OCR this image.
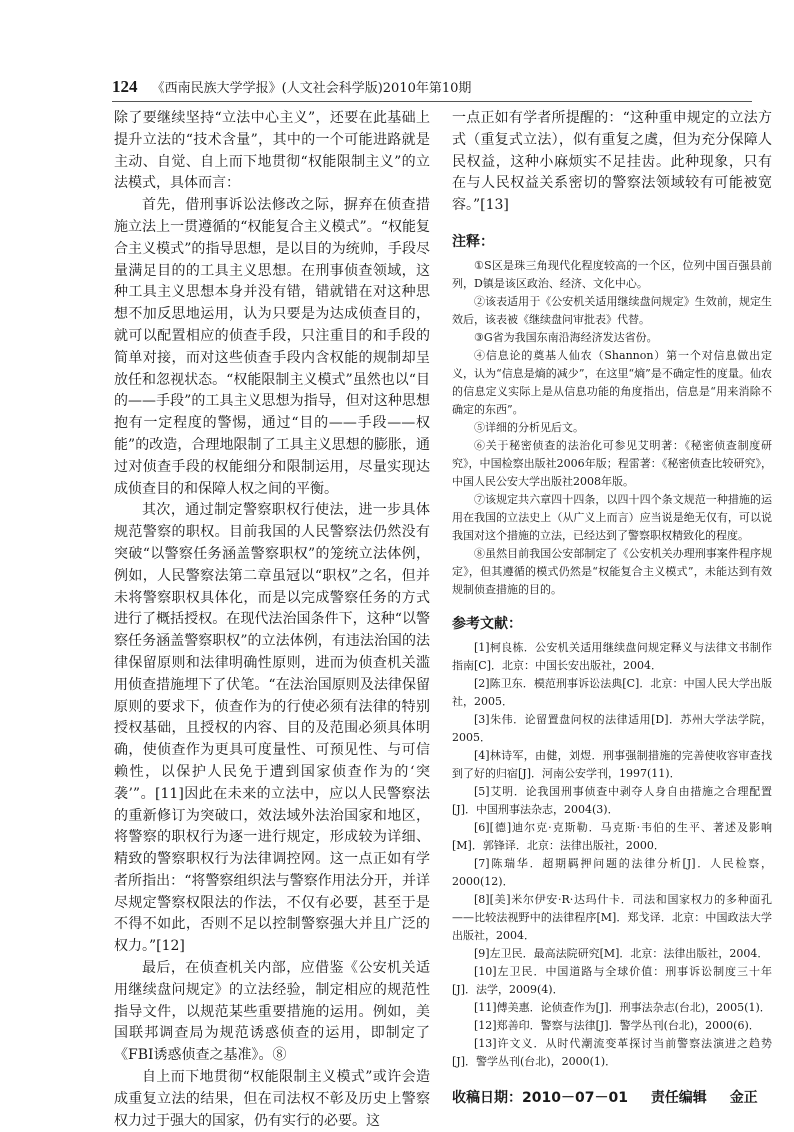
124 《西南民族大学学报》(人文社会科学版)2010年第10期

除了要继续坚持“立法中心主义”，还要在此基础上提升立法的“技术含量”，其中的一个可能进路就是主动、自觉、自上而下地贯彻“权能限制主义”的立法模式，具体而言：

首先，借刑事诉讼法修改之际，摒弃在侦查措施立法上一贯遵循的“权能复合主义模式”。“权能复合主义模式”的指导思想，是以目的为统帅，手段尽量满足目的的工具主义思想。在刑事侦查领域，这种工具主义思想本身并没有错，错就错在对这种思想不加反思地运用，认为只要是为达成侦查目的，就可以配置相应的侦查手段，只注重目的和手段的简单对接，而对这些侦查手段内含权能的规制却呈放任和忽视状态。“权能限制主义模式”虽然也以“目的——手段”的工具主义思想为指导，但对这种思想抱有一定程度的警惕，通过“目的——手段——权能”的改造，合理地限制了工具主义思想的膨胀，通过对侦查手段的权能细分和限制运用，尽量实现达成侦查目的和保障人权之间的平衡。

其次，通过制定警察职权行使法，进一步具体规范警察的职权。目前我国的人民警察法仍然没有突破“以警察任务涵盖警察职权”的笼统立法体例，例如，人民警察法第二章虽冠以“职权”之名，但并未将警察职权具体化，而是以完成警察任务的方式进行了概括授权。在现代法治国条件下，这种“以警察任务涵盖警察职权”的立法体例，有违法治国的法律保留原则和法律明确性原则，进而为侦查机关滥用侦查措施埋下了伏笔。“在法治国原则及法律保留原则的要求下，侦查作为的行使必须有法律的特别授权基础，且授权的内容、目的及范围必须具体明确，使侦查作为更具可度量性、可预见性、与可信赖性，以保护人民免于遭到国家侦查作为的‘突袭’”。[11]因此在未来的立法中，应以人民警察法的重新修订为突破口，效法域外法治国家和地区，将警察的职权行为逐一进行规定，形成较为详细、精致的警察职权行为法律调控网。这一点正如有学者所指出：“将警察组织法与警察作用法分开，并详尽规定警察权限法的作法，不仅有必要，甚至于是不得不如此，否则不足以控制警察强大并且广泛的权力。”[12]

最后，在侦查机关内部，应借鉴《公安机关适用继续盘问规定》的立法经验，制定相应的规范性指导文件，以规范某些重要措施的运用。例如，美国联邦调查局为规范诱惑侦查的运用，即制定了《FBI诱惑侦查之基准》。⑧

自上而下地贯彻“权能限制主义模式”或许会造成重复立法的结果，但在司法权不彰及历史上警察权力过于强大的国家，仍有实行的必要。这

一点正如有学者所提醒的：“这种重申规定的立法方式（重复式立法），似有重复之虞，但为充分保障人民权益，这种小麻烦实不足挂齿。此种现象，只有在与人民权益关系密切的警察法领域较有可能被宽容。”[13]

注释：

①S区是珠三角现代化程度较高的一个区，位列中国百强县前列，D镇是该区政治、经济、文化中心。

②该表适用于《公安机关适用继续盘问规定》生效前，规定生效后，该表被《继续盘问审批表》代替。

③G省为我国东南沿海经济发达省份。

④信息论的奠基人仙农（Shannon）第一个对信息做出定义，认为“信息是熵的减少”，在这里“熵”是不确定性的度量。仙农的信息定义实际上是从信息功能的角度指出，信息是“用来消除不确定的东西”。

⑤详细的分析见后文。

⑥关于秘密侦查的法治化可参见艾明著：《秘密侦查制度研究》，中国检察出版社2006年版；程雷著：《秘密侦查比较研究》，中国人民公安大学出版社2008年版。

⑦该规定共六章四十四条，以四十四个条文规范一种措施的运用在我国的立法史上（从广义上而言）应当说是绝无仅有，可以说我国对这个措施的立法，已经达到了警察职权精致化的程度。

⑧虽然目前我国公安部制定了《公安机关办理刑事案件程序规定》，但其遵循的模式仍然是“权能复合主义模式”，未能达到有效规制侦查措施的目的。

参考文献：

[1]柯良栋．公安机关适用继续盘问规定释义与法律文书制作指南[C]．北京：中国长安出版社，2004．

[2]陈卫东．模范刑事诉讼法典[C]．北京：中国人民大学出版社，2005．

[3]朱伟．论留置盘问权的法律适用[D]．苏州大学法学院，2005．

[4]林诗军，由健，刘煜．刑事强制措施的完善使收容审查找到了好的归宿[J]．河南公安学刊，1997(11)．

[5]艾明．论我国刑事侦查中剥夺人身自由措施之合理配置[J]．中国刑事法杂志，2004(3)．

[6][德]迪尔克·克斯勒．马克斯·韦伯的生平、著述及影响[M]．郭锋译．北京：法律出版社，2000．

[7]陈瑞华．超期羁押问题的法律分析[J]．人民检察，2000(12)．

[8][美]米尔伊安·R·达玛什卡．司法和国家权力的多种面孔——比较法视野中的法律程序[M]．郑戈译．北京：中国政法大学出版社，2004．

[9]左卫民．最高法院研究[M]．北京：法律出版社，2004．

[10]左卫民．中国道路与全球价值：刑事诉讼制度三十年[J]．法学，2009(4)．

[11]傅美惠．论侦查作为[J]．刑事法杂志(台北)，2005(1)．

[12]郑善印．警察与法律[J]．警学丛刊(台北)，2000(6)．

[13]许文义．从时代潮流变革探讨当前警察法演进之趋势[J]．警学丛刊(台北)，2000(1)．

收稿日期：2010－07－01 责任编辑 金正
